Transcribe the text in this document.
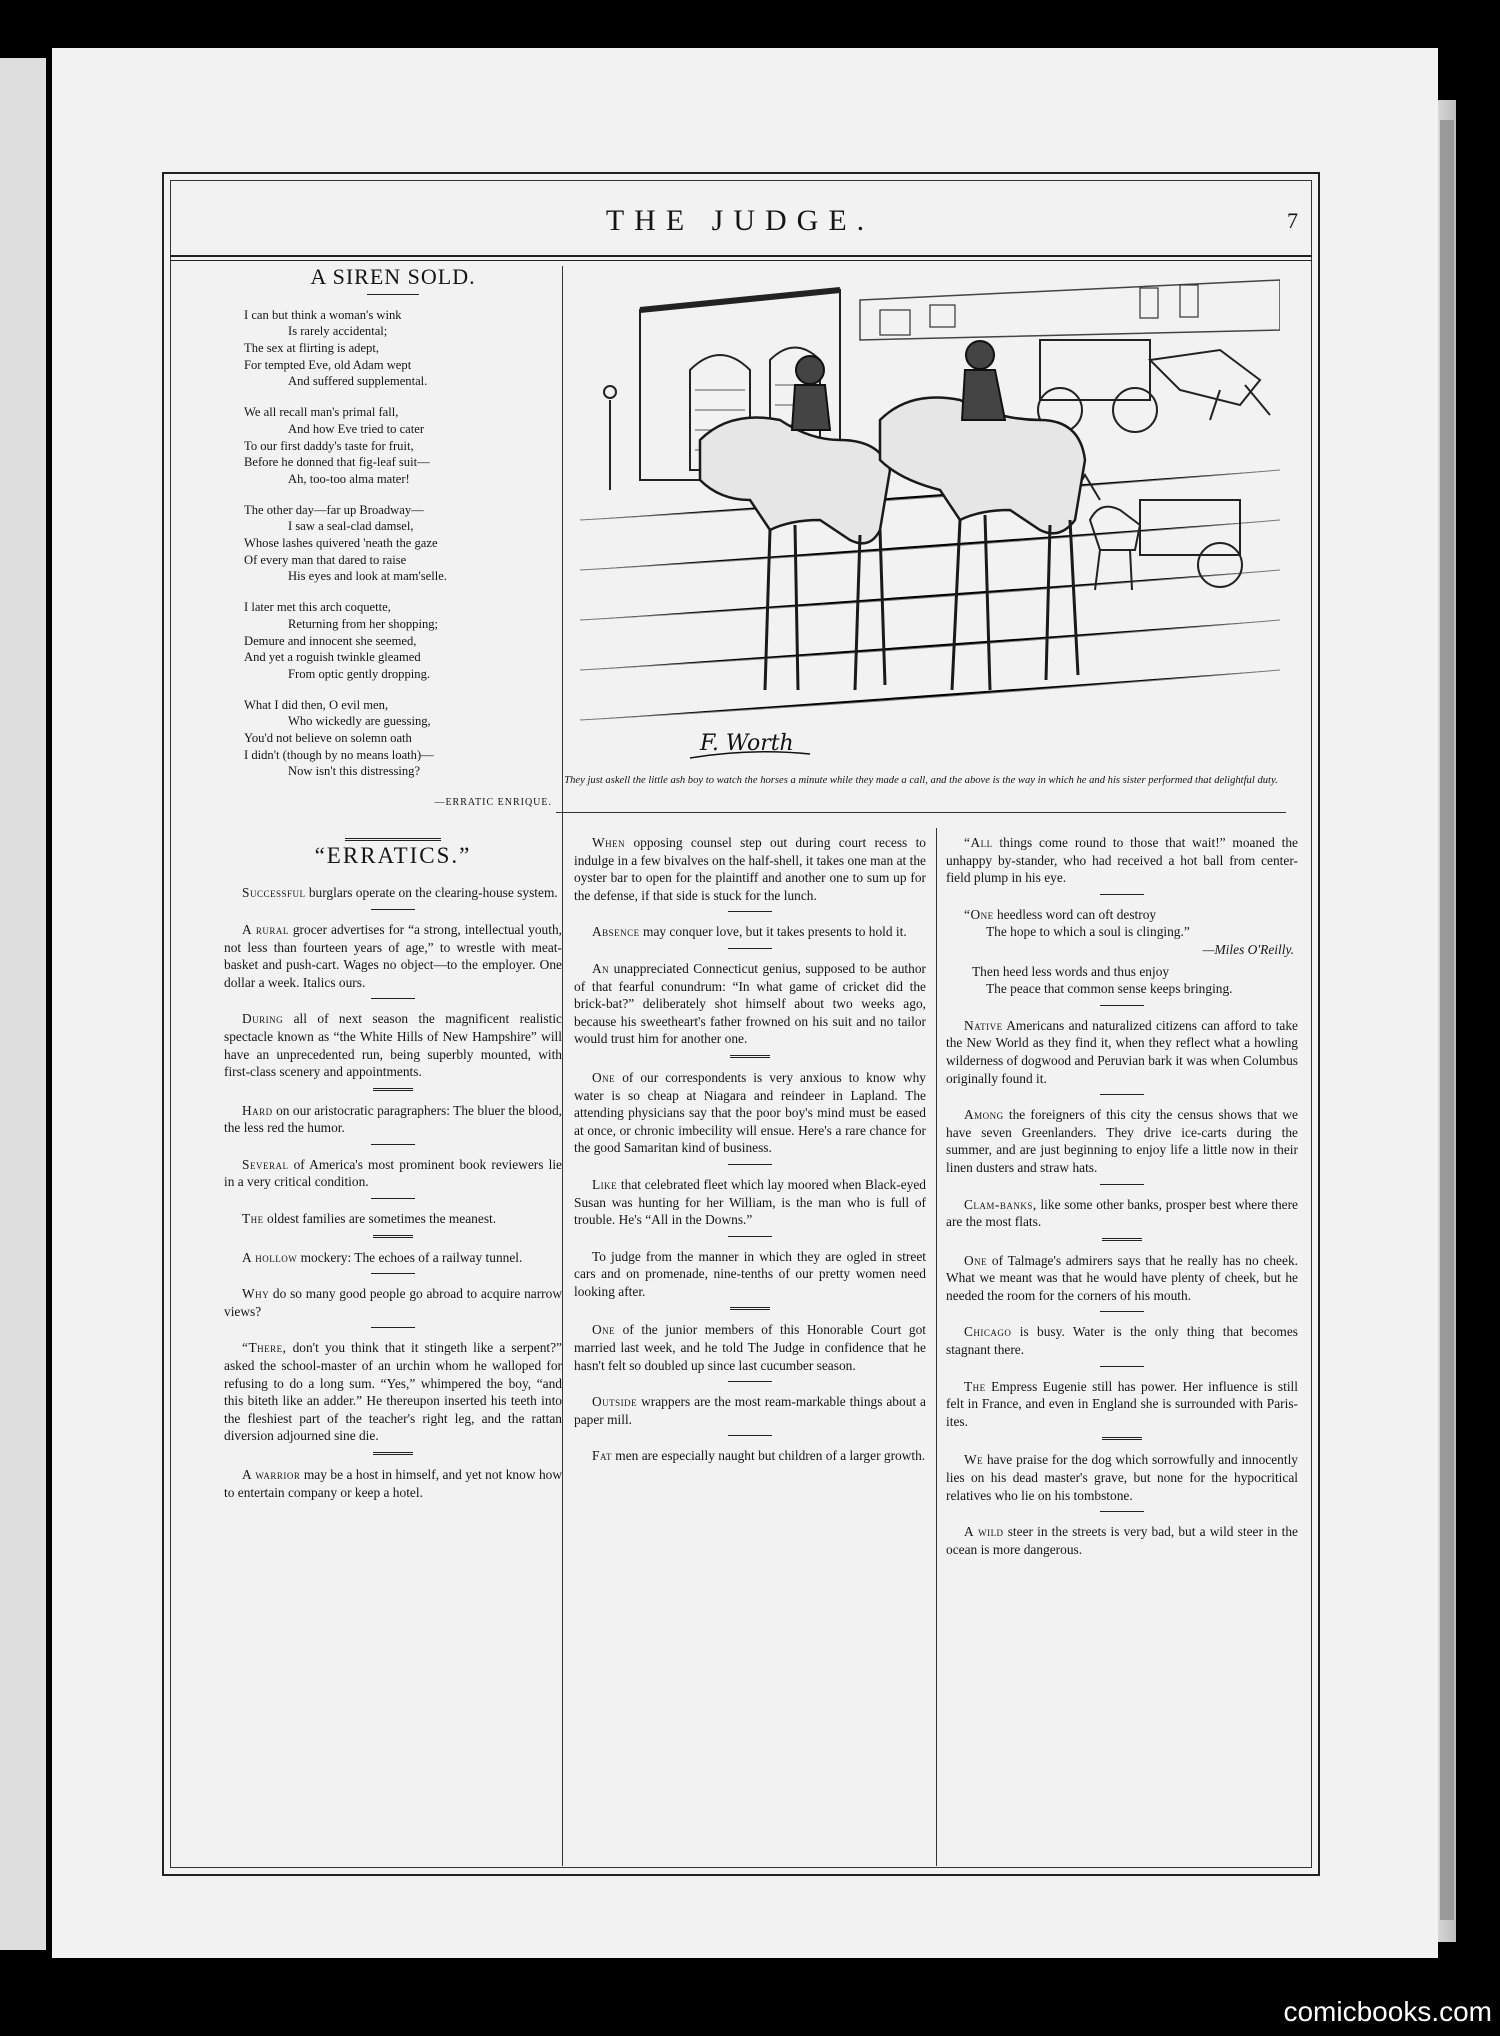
THE JUDGE.	7
A SIREN SOLD.
I can but think a woman's wink
Is rarely accidental;
The sex at flirting is adept,
For tempted Eve, old Adam wept
And suffered supplemental.
We all recall man's primal fall,
And how Eve tried to cater
To our first daddy's taste for fruit,
Before he donned that fig-leaf suit—
Ah, too-too alma mater!
The other day—far up Broadway—
I saw a seal-clad damsel,
Whose lashes quivered 'neath the gaze
Of every man that dared to raise
His eyes and look at mam'selle.
I later met this arch coquette,
Returning from her shopping;
Demure and innocent she seemed,
And yet a roguish twinkle gleamed
From optic gently dropping.
What I did then, O evil men,
Who wickedly are guessing,
You'd not believe on solemn oath
I didn't (though by no means loath)—
Now isn't this distressing?
—ERRATIC ENRIQUE.
“ERRATICS.”

Successful burglars operate on the clearing-house system.

A rural grocer advertises for “a strong, intellectual youth, not less than fourteen years of age,” to wrestle with meat-basket and push-cart. Wages no object—to the employer. One dollar a week. Italics ours.

During all of next season the magnificent realistic spectacle known as “the White Hills of New Hampshire” will have an unprecedented run, being superbly mounted, with first-class scenery and appointments.

Hard on our aristocratic paragraphers: The bluer the blood, the less red the humor.

Several of America's most prominent book reviewers lie in a very critical condition.

The oldest families are sometimes the meanest.

A hollow mockery: The echoes of a railway tunnel.

Why do so many good people go abroad to acquire narrow views?

“There, don't you think that it stingeth like a serpent?” asked the school-master of an urchin whom he walloped for refusing to do a long sum. “Yes,” whimpered the boy, “and this biteth like an adder.” He thereupon inserted his teeth into the fleshiest part of the teacher's right leg, and the rattan diversion adjourned sine die.

A warrior may be a host in himself, and yet not know how to entertain company or keep a hotel.

F. Worth
They just askell the little ash boy to watch the horses a minute while they made a call, and the above is the way in which he and his sister performed that delightful duty.

When opposing counsel step out during court recess to indulge in a few bivalves on the half-shell, it takes one man at the oyster bar to open for the plaintiff and another one to sum up for the defense, if that side is stuck for the lunch.

Absence may conquer love, but it takes presents to hold it.

An unappreciated Connecticut genius, supposed to be author of that fearful conundrum: “In what game of cricket did the brick-bat?” deliberately shot himself about two weeks ago, because his sweetheart's father frowned on his suit and no tailor would trust him for another one.

One of our correspondents is very anxious to know why water is so cheap at Niagara and reindeer in Lapland. The attending physicians say that the poor boy's mind must be eased at once, or chronic imbecility will ensue. Here's a rare chance for the good Samaritan kind of business.

Like that celebrated fleet which lay moored when Black-eyed Susan was hunting for her William, is the man who is full of trouble. He's “All in the Downs.”

To judge from the manner in which they are ogled in street cars and on promenade, nine-tenths of our pretty women need looking after.

One of the junior members of this Honorable Court got married last week, and he told The Judge in confidence that he hasn't felt so doubled up since last cucumber season.

Outside wrappers are the most ream-markable things about a paper mill.

Fat men are especially naught but children of a larger growth.

“All things come round to those that wait!” moaned the unhappy by-stander, who had received a hot ball from center-field plump in his eye.

“One heedless word can oft destroy
The hope to which a soul is clinging.”
—Miles O'Reilly.
Then heed less words and thus enjoy
The peace that common sense keeps bringing.

Native Americans and naturalized citizens can afford to take the New World as they find it, when they reflect what a howling wilderness of dogwood and Peruvian bark it was when Columbus originally found it.

Among the foreigners of this city the census shows that we have seven Greenlanders. They drive ice-carts during the summer, and are just beginning to enjoy life a little now in their linen dusters and straw hats.

Clam-banks, like some other banks, prosper best where there are the most flats.

One of Talmage's admirers says that he really has no cheek. What we meant was that he would have plenty of cheek, but he needed the room for the corners of his mouth.

Chicago is busy. Water is the only thing that becomes stagnant there.

The Empress Eugenie still has power. Her influence is still felt in France, and even in England she is surrounded with Paris-ites.

We have praise for the dog which sorrowfully and innocently lies on his dead master's grave, but none for the hypocritical relatives who lie on his tombstone.

A wild steer in the streets is very bad, but a wild steer in the ocean is more dangerous.

comicbooks.com
